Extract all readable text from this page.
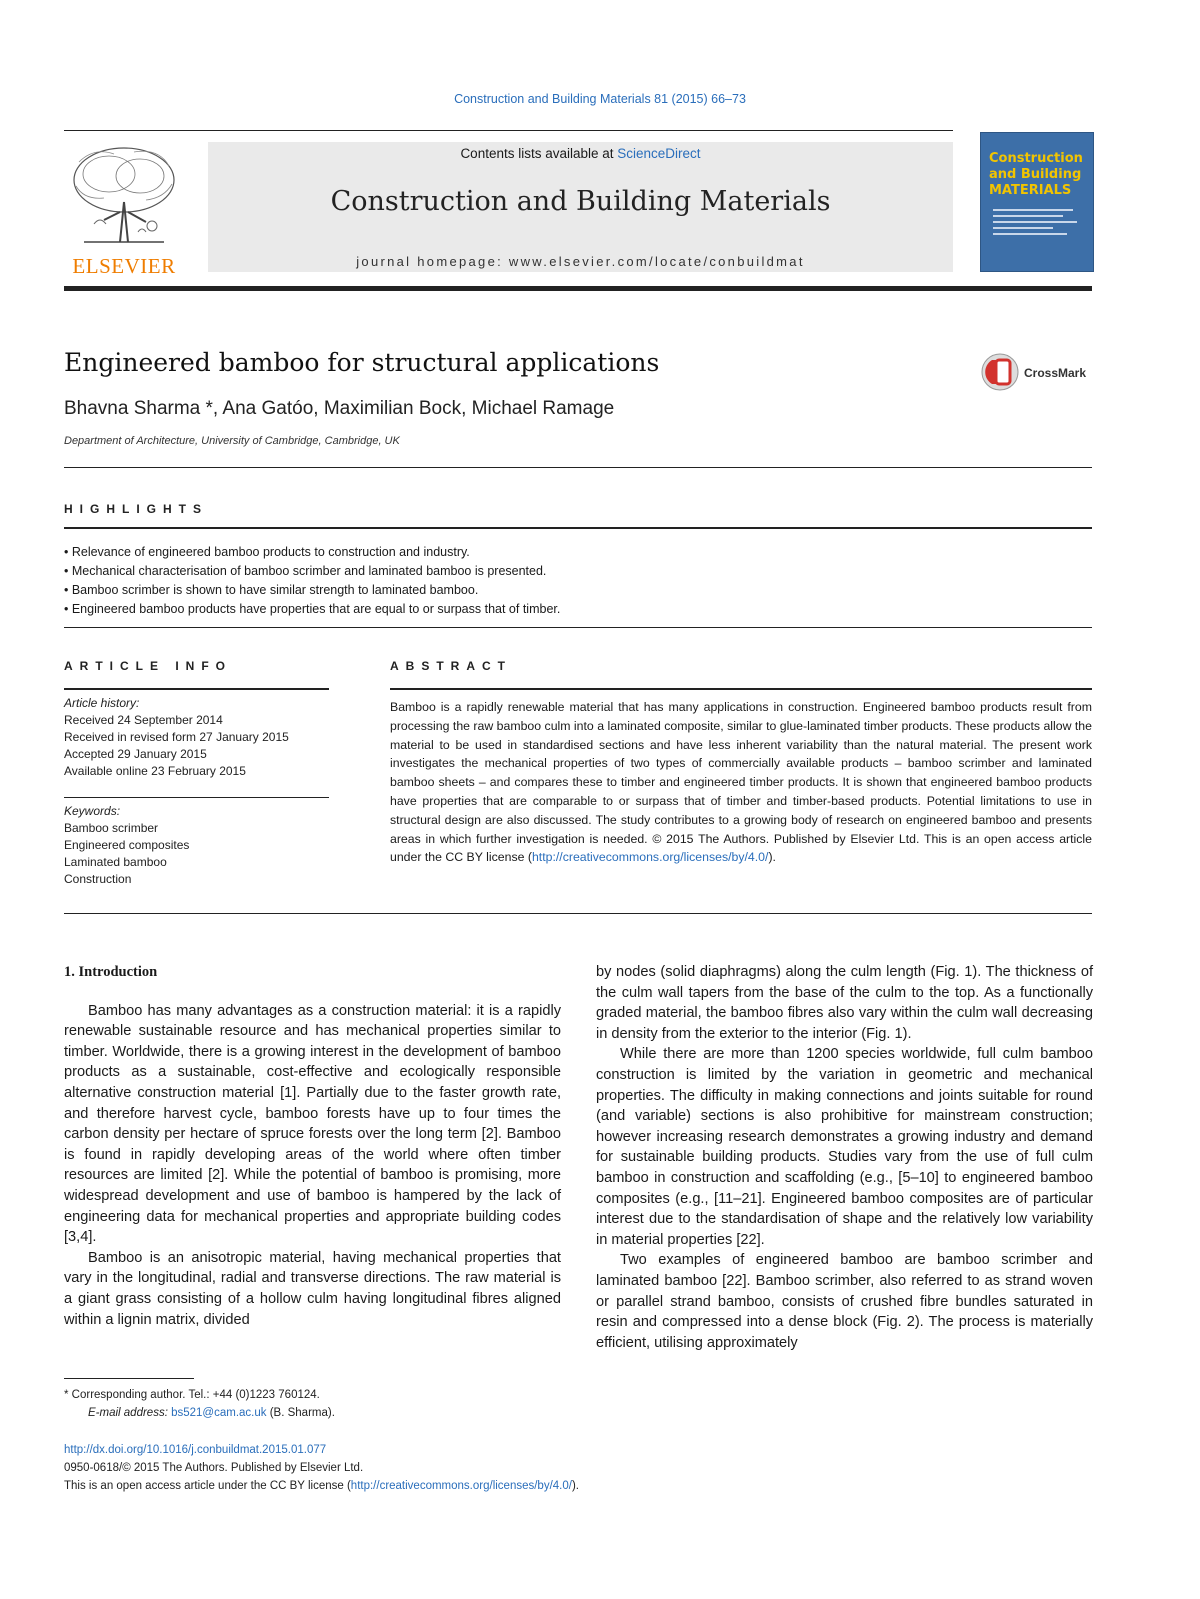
Construction and Building Materials 81 (2015) 66–73
ELSEVIER
Contents lists available at ScienceDirect
Construction and Building Materials
journal homepage: www.elsevier.com/locate/conbuildmat
Construction and Building MATERIALS
Engineered bamboo for structural applications
Bhavna Sharma *, Ana Gatóo, Maximilian Bock, Michael Ramage
Department of Architecture, University of Cambridge, Cambridge, UK
CrossMark
HIGHLIGHTS
• Relevance of engineered bamboo products to construction and industry.
• Mechanical characterisation of bamboo scrimber and laminated bamboo is presented.
• Bamboo scrimber is shown to have similar strength to laminated bamboo.
• Engineered bamboo products have properties that are equal to or surpass that of timber.
ARTICLE INFO
Article history:
Received 24 September 2014
Received in revised form 27 January 2015
Accepted 29 January 2015
Available online 23 February 2015
Keywords:
Bamboo scrimber
Engineered composites
Laminated bamboo
Construction
ABSTRACT
Bamboo is a rapidly renewable material that has many applications in construction. Engineered bamboo products result from processing the raw bamboo culm into a laminated composite, similar to glue-laminated timber products. These products allow the material to be used in standardised sections and have less inherent variability than the natural material. The present work investigates the mechanical properties of two types of commercially available products – bamboo scrimber and laminated bamboo sheets – and compares these to timber and engineered timber products. It is shown that engineered bamboo products have properties that are comparable to or surpass that of timber and timber-based products. Potential limitations to use in structural design are also discussed. The study contributes to a growing body of research on engineered bamboo and presents areas in which further investigation is needed. © 2015 The Authors. Published by Elsevier Ltd. This is an open access article under the CC BY license (http://creativecommons.org/licenses/by/4.0/).
1. Introduction

Bamboo has many advantages as a construction material: it is a rapidly renewable sustainable resource and has mechanical properties similar to timber. Worldwide, there is a growing interest in the development of bamboo products as a sustainable, cost-effective and ecologically responsible alternative construction material [1]. Partially due to the faster growth rate, and therefore harvest cycle, bamboo forests have up to four times the carbon density per hectare of spruce forests over the long term [2]. Bamboo is found in rapidly developing areas of the world where often timber resources are limited [2]. While the potential of bamboo is promising, more widespread development and use of bamboo is hampered by the lack of engineering data for mechanical properties and appropriate building codes [3,4].

Bamboo is an anisotropic material, having mechanical properties that vary in the longitudinal, radial and transverse directions. The raw material is a giant grass consisting of a hollow culm having longitudinal fibres aligned within a lignin matrix, divided

by nodes (solid diaphragms) along the culm length (Fig. 1). The thickness of the culm wall tapers from the base of the culm to the top. As a functionally graded material, the bamboo fibres also vary within the culm wall decreasing in density from the exterior to the interior (Fig. 1).

While there are more than 1200 species worldwide, full culm bamboo construction is limited by the variation in geometric and mechanical properties. The difficulty in making connections and joints suitable for round (and variable) sections is also prohibitive for mainstream construction; however increasing research demonstrates a growing industry and demand for sustainable building products. Studies vary from the use of full culm bamboo in construction and scaffolding (e.g., [5–10] to engineered bamboo composites (e.g., [11–21]. Engineered bamboo composites are of particular interest due to the standardisation of shape and the relatively low variability in material properties [22].

Two examples of engineered bamboo are bamboo scrimber and laminated bamboo [22]. Bamboo scrimber, also referred to as strand woven or parallel strand bamboo, consists of crushed fibre bundles saturated in resin and compressed into a dense block (Fig. 2). The process is materially efficient, utilising approximately

* Corresponding author. Tel.: +44 (0)1223 760124.
E-mail address: bs521@cam.ac.uk (B. Sharma).
http://dx.doi.org/10.1016/j.conbuildmat.2015.01.077
0950-0618/© 2015 The Authors. Published by Elsevier Ltd.
This is an open access article under the CC BY license (http://creativecommons.org/licenses/by/4.0/).
